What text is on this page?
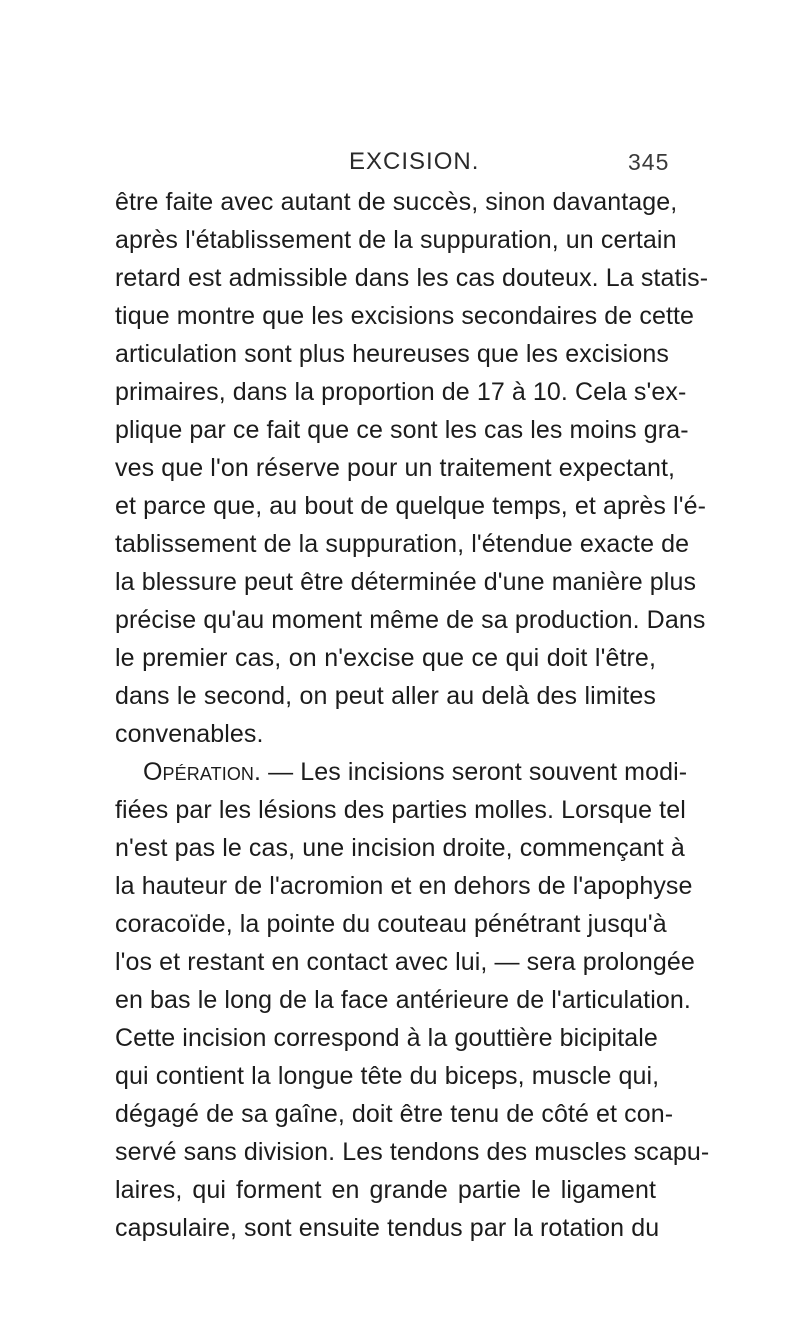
EXCISION.	345
être faite avec autant de succès, sinon davantage,
après l'établissement de la suppuration, un certain
retard est admissible dans les cas douteux. La statis-
tique montre que les excisions secondaires de cette
articulation sont plus heureuses que les excisions
primaires, dans la proportion de 17 à 10. Cela s'ex-
plique par ce fait que ce sont les cas les moins gra-
ves que l'on réserve pour un traitement expectant,
et parce que, au bout de quelque temps, et après l'é-
tablissement de la suppuration, l'étendue exacte de
la blessure peut être déterminée d'une manière plus
précise qu'au moment même de sa production. Dans
le premier cas, on n'excise que ce qui doit l'être,
dans le second, on peut aller au delà des limites
convenables.
Opération. — Les incisions seront souvent modi-
fiées par les lésions des parties molles. Lorsque tel
n'est pas le cas, une incision droite, commençant à
la hauteur de l'acromion et en dehors de l'apophyse
coracoïde, la pointe du couteau pénétrant jusqu'à
l'os et restant en contact avec lui, — sera prolongée
en bas le long de la face antérieure de l'articulation.
Cette incision correspond à la gouttière bicipitale
qui contient la longue tête du biceps, muscle qui,
dégagé de sa gaîne, doit être tenu de côté et con-
servé sans division. Les tendons des muscles scapu-
laires, qui forment en grande partie le ligament
capsulaire, sont ensuite tendus par la rotation du
